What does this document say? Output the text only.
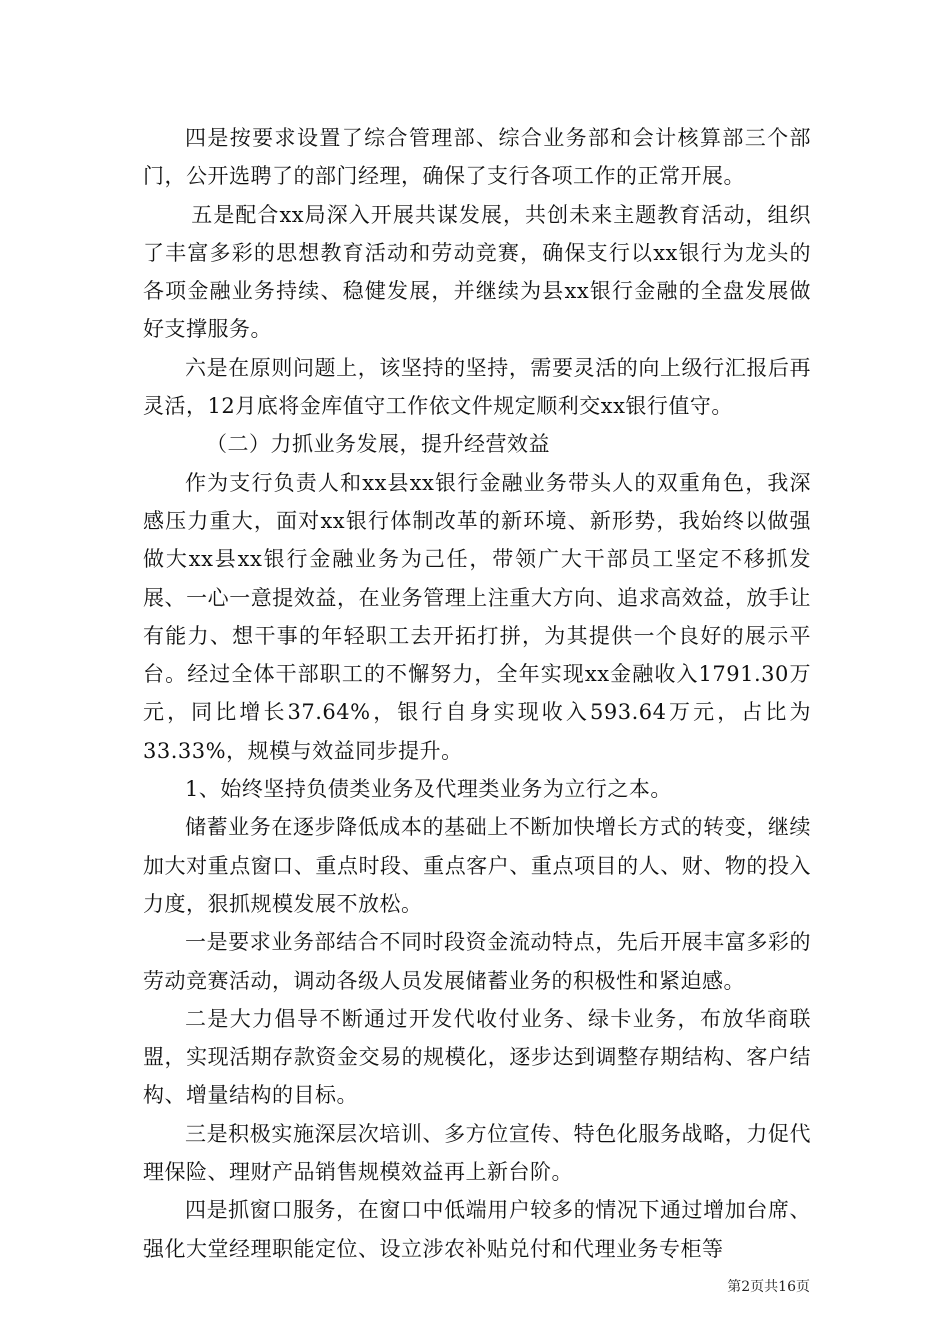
四是按要求设置了综合管理部、综合业务部和会计核算部三个部门，公开选聘了的部门经理，确保了支行各项工作的正常开展。

五是配合xx局深入开展共谋发展，共创未来主题教育活动，组织了丰富多彩的思想教育活动和劳动竞赛，确保支行以xx银行为龙头的各项金融业务持续、稳健发展，并继续为县xx银行金融的全盘发展做好支撑服务。

六是在原则问题上，该坚持的坚持，需要灵活的向上级行汇报后再灵活，12月底将金库值守工作依文件规定顺利交xx银行值守。

（二）力抓业务发展，提升经营效益

作为支行负责人和xx县xx银行金融业务带头人的双重角色，我深感压力重大，面对xx银行体制改革的新环境、新形势，我始终以做强做大xx县xx银行金融业务为己任，带领广大干部员工坚定不移抓发展、一心一意提效益，在业务管理上注重大方向、追求高效益，放手让有能力、想干事的年轻职工去开拓打拼，为其提供一个良好的展示平台。经过全体干部职工的不懈努力，全年实现xx金融收入1791.30万元，同比增长37.64%，银行自身实现收入593.64万元，占比为33.33%，规模与效益同步提升。

1、始终坚持负债类业务及代理类业务为立行之本。

储蓄业务在逐步降低成本的基础上不断加快增长方式的转变，继续加大对重点窗口、重点时段、重点客户、重点项目的人、财、物的投入力度，狠抓规模发展不放松。

一是要求业务部结合不同时段资金流动特点，先后开展丰富多彩的劳动竞赛活动，调动各级人员发展储蓄业务的积极性和紧迫感。

二是大力倡导不断通过开发代收付业务、绿卡业务，布放华商联盟，实现活期存款资金交易的规模化，逐步达到调整存期结构、客户结构、增量结构的目标。

三是积极实施深层次培训、多方位宣传、特色化服务战略，力促代理保险、理财产品销售规模效益再上新台阶。

四是抓窗口服务，在窗口中低端用户较多的情况下通过增加台席、强化大堂经理职能定位、设立涉农补贴兑付和代理业务专柜等

第2页共16页
